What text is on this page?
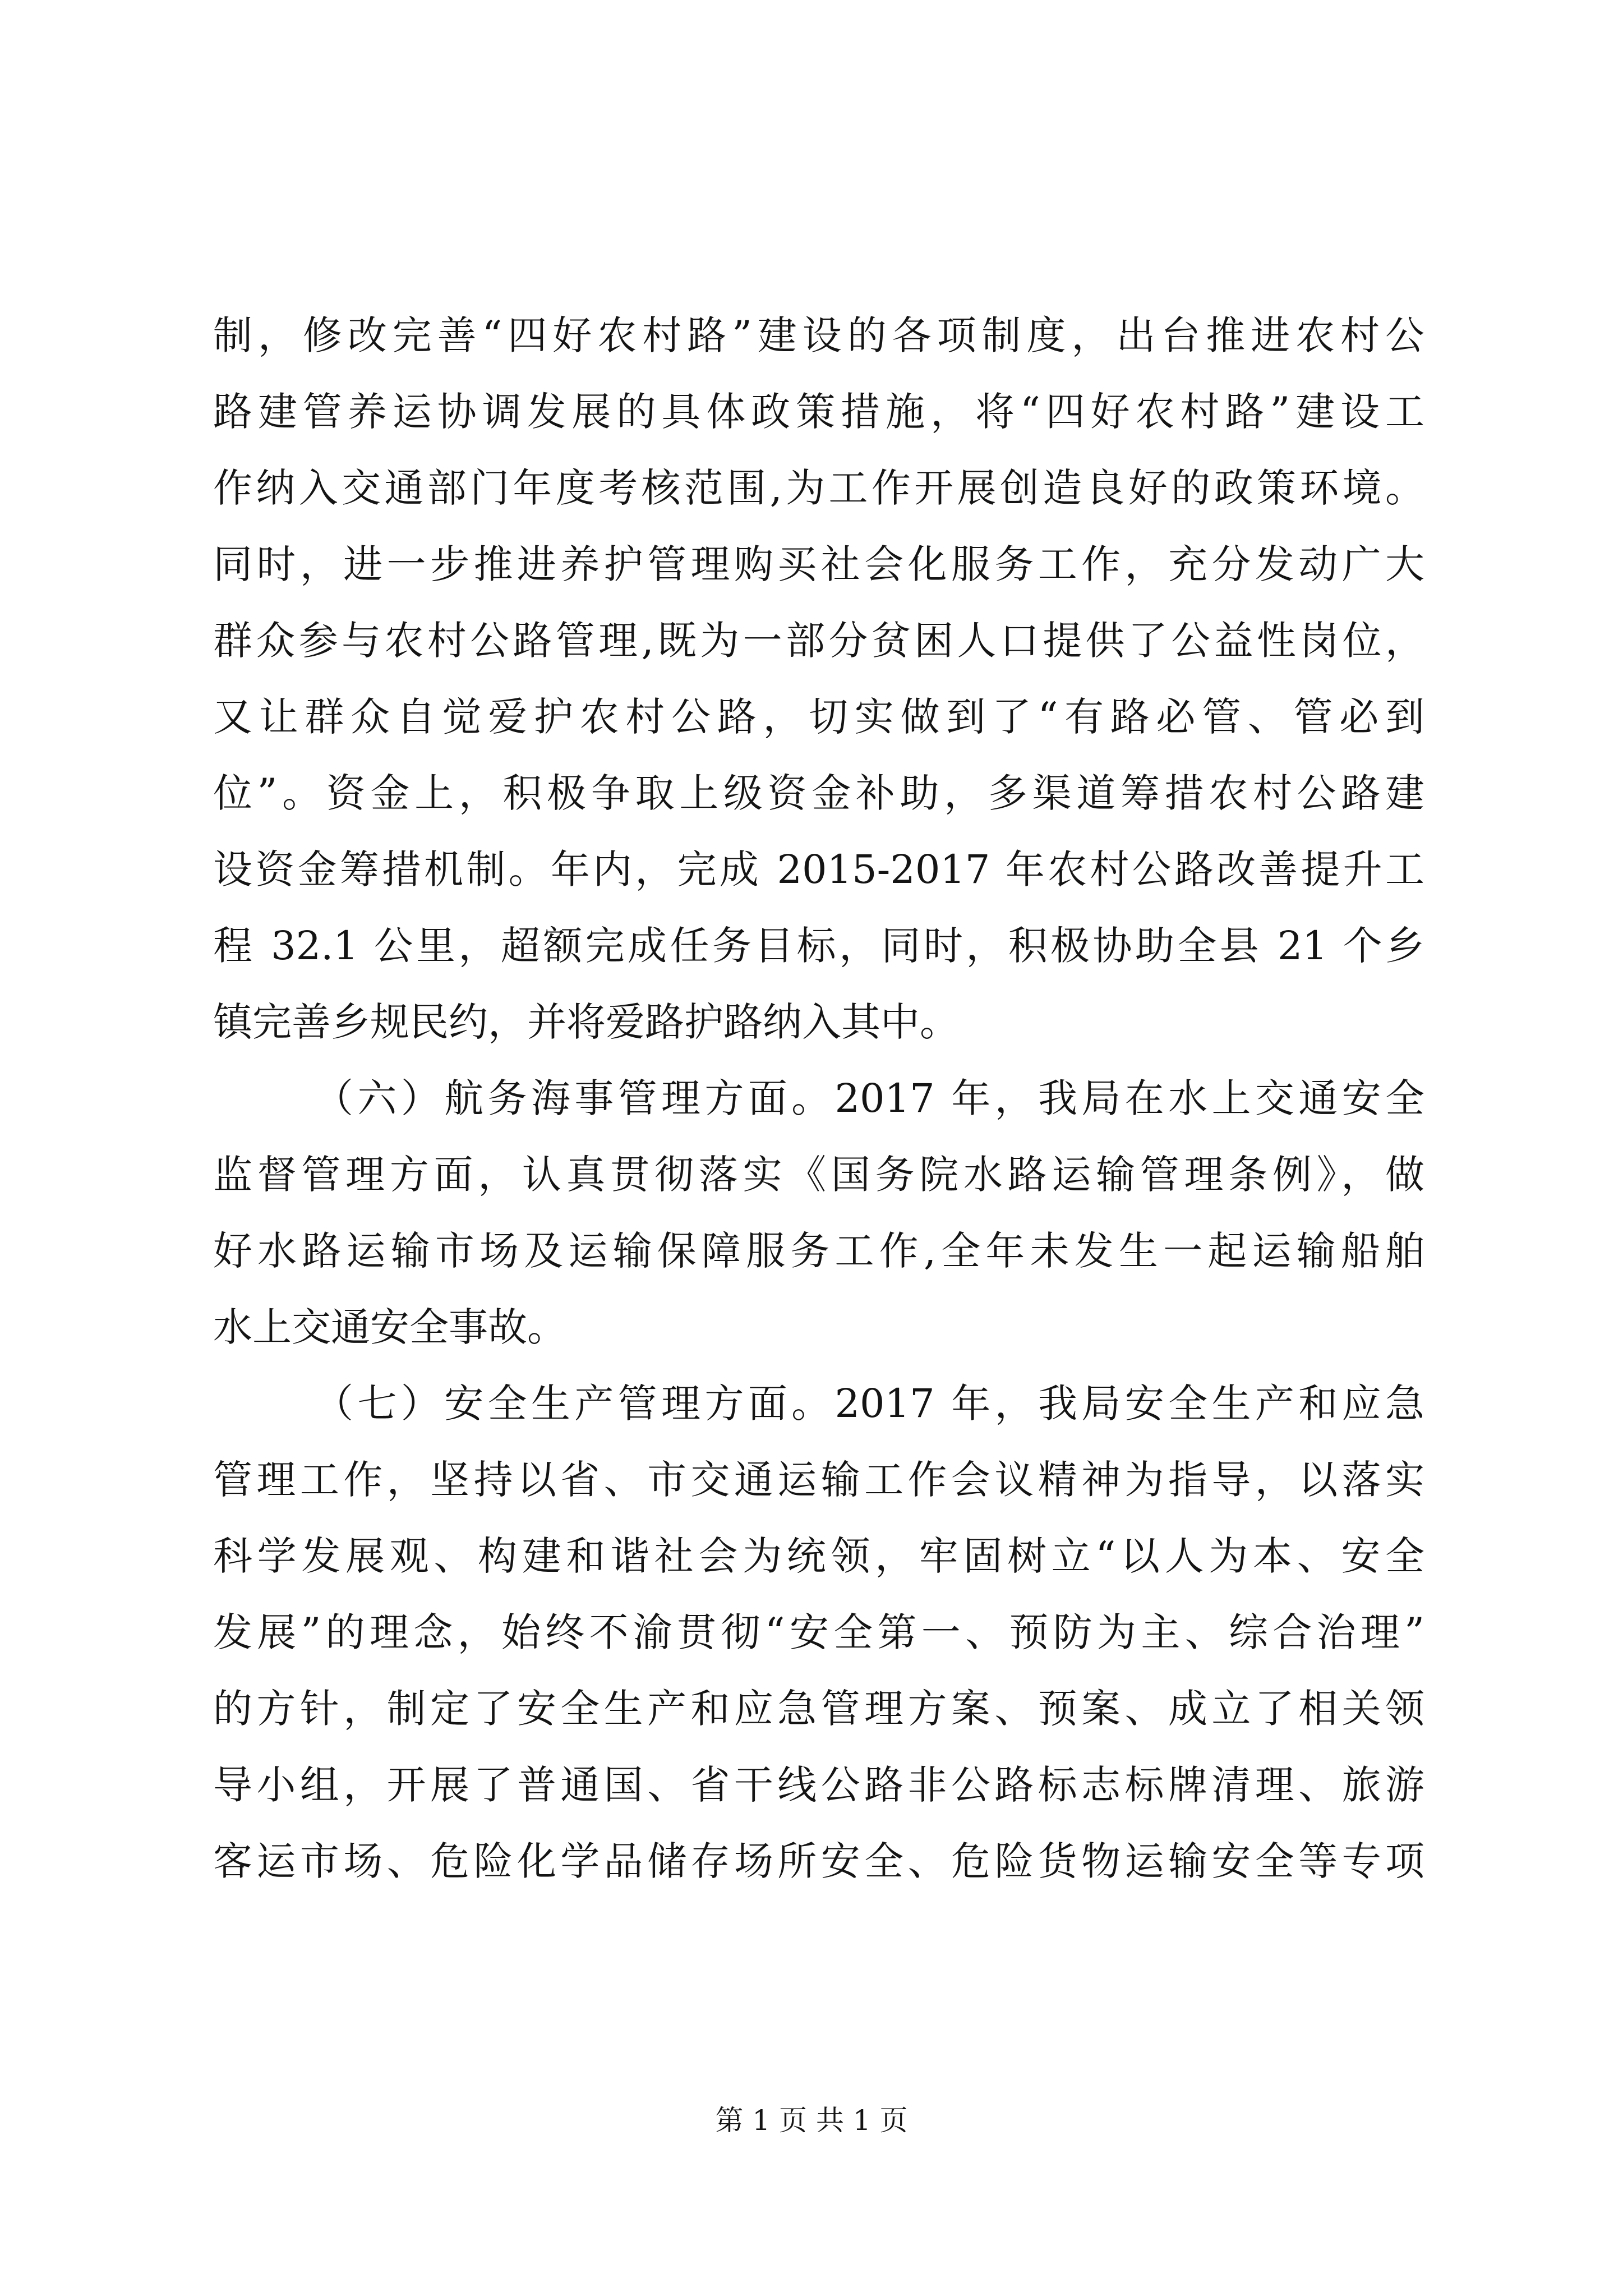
制，修改完善“四好农村路”建设的各项制度，出台推进农村公
路建管养运协调发展的具体政策措施，将“四好农村路”建设工
作纳入交通部门年度考核范围,为工作开展创造良好的政策环境。
同时，进一步推进养护管理购买社会化服务工作，充分发动广大
群众参与农村公路管理,既为一部分贫困人口提供了公益性岗位，
又让群众自觉爱护农村公路，切实做到了“有路必管、管必到
位”。资金上，积极争取上级资金补助，多渠道筹措农村公路建
设资金筹措机制。年内，完成 2015-2017 年农村公路改善提升工
程 32.1 公里，超额完成任务目标，同时，积极协助全县 21 个乡
镇完善乡规民约，并将爱路护路纳入其中。
（六）航务海事管理方面。2017 年，我局在水上交通安全
监督管理方面，认真贯彻落实《国务院水路运输管理条例》，做
好水路运输市场及运输保障服务工作,全年未发生一起运输船舶
水上交通安全事故。
（七）安全生产管理方面。2017 年，我局安全生产和应急
管理工作，坚持以省、市交通运输工作会议精神为指导，以落实
科学发展观、构建和谐社会为统领，牢固树立“以人为本、安全
发展”的理念，始终不渝贯彻“安全第一、预防为主、综合治理”
的方针，制定了安全生产和应急管理方案、预案、成立了相关领
导小组，开展了普通国、省干线公路非公路标志标牌清理、旅游
客运市场、危险化学品储存场所安全、危险货物运输安全等专项
第 1 页 共 1 页
